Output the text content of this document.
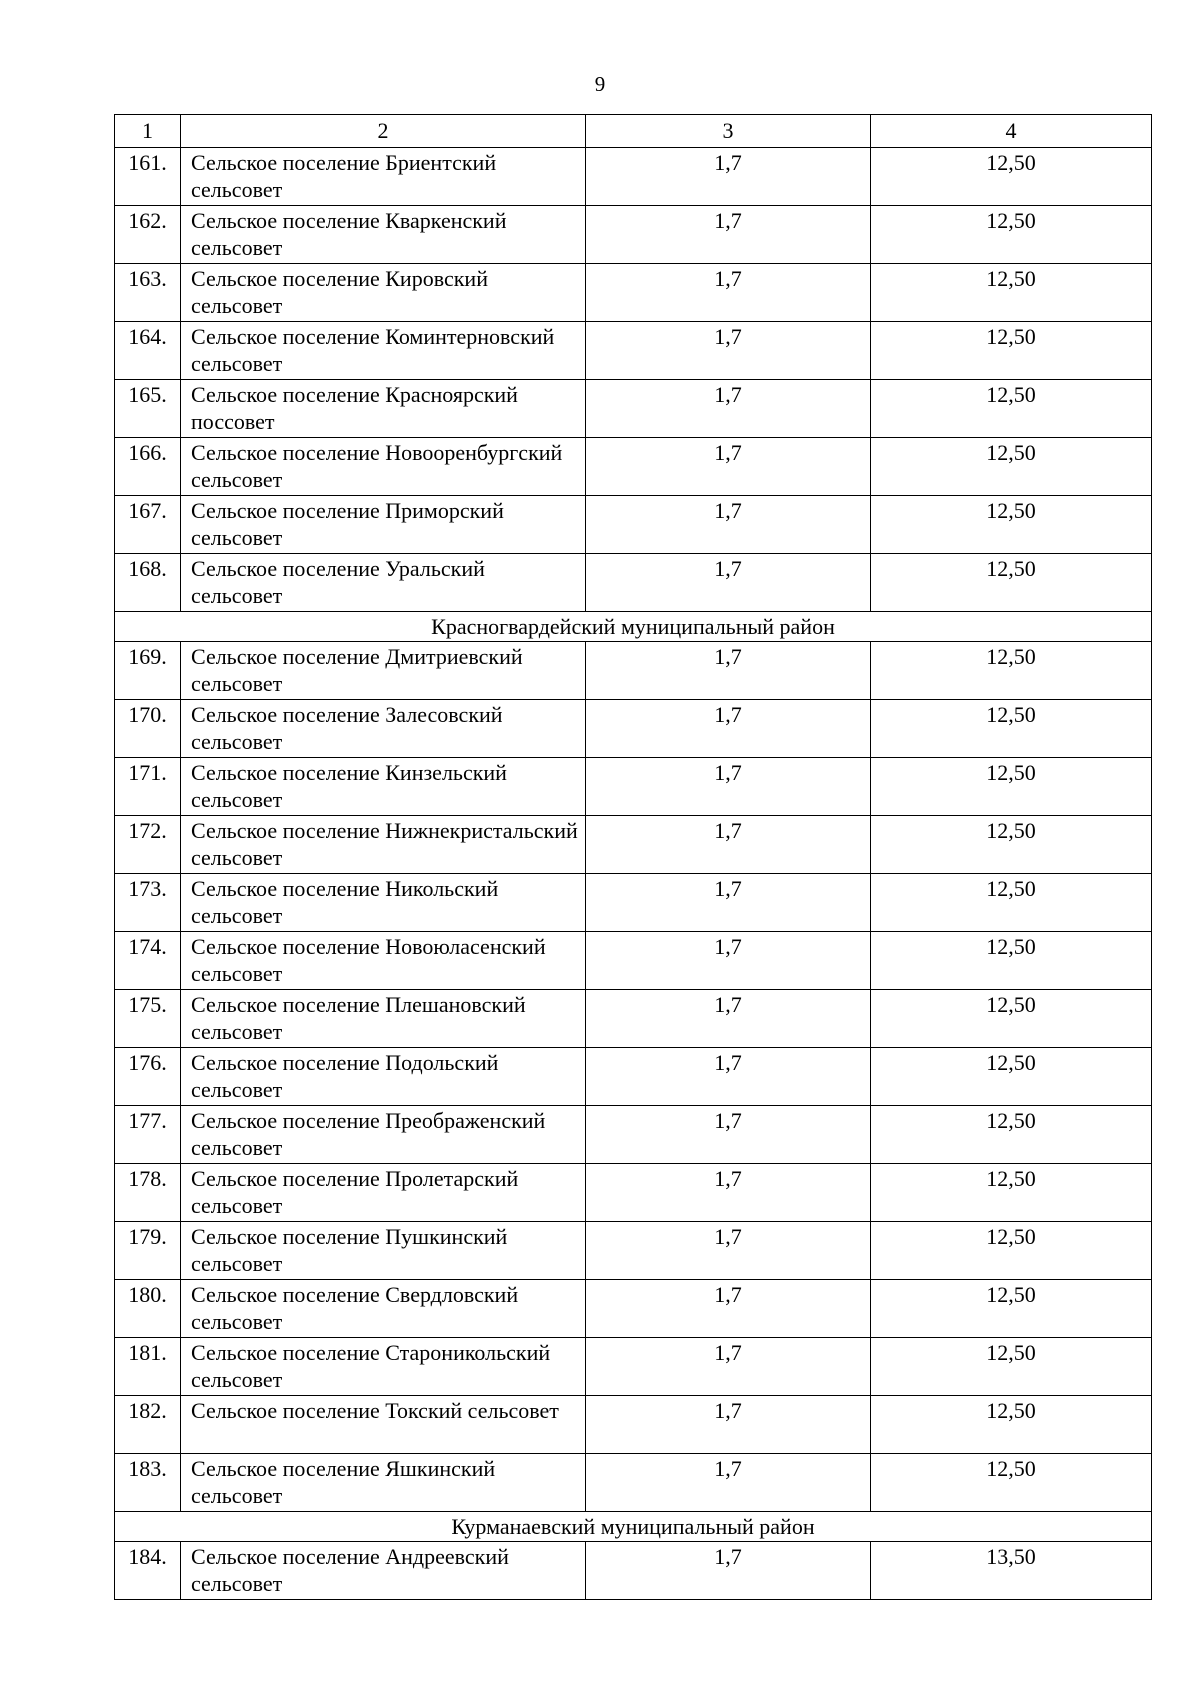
9
1	2	3	4
161.	Сельское поселение Бриентский сельсовет	1,7	12,50
162.	Сельское поселение Кваркенский сельсовет	1,7	12,50
163.	Сельское поселение Кировский сельсовет	1,7	12,50
164.	Сельское поселение Коминтерновский сельсовет	1,7	12,50
165.	Сельское поселение Красноярский поссовет	1,7	12,50
166.	Сельское поселение Новооренбургский сельсовет	1,7	12,50
167.	Сельское поселение Приморский сельсовет	1,7	12,50
168.	Сельское поселение Уральский сельсовет	1,7	12,50
Красногвардейский муниципальный район			
169.	Сельское поселение Дмитриевский сельсовет	1,7	12,50
170.	Сельское поселение Залесовский сельсовет	1,7	12,50
171.	Сельское поселение Кинзельский сельсовет	1,7	12,50
172.	Сельское поселение Нижнекристальский сельсовет	1,7	12,50
173.	Сельское поселение Никольский сельсовет	1,7	12,50
174.	Сельское поселение Новоюласенский сельсовет	1,7	12,50
175.	Сельское поселение Плешановский сельсовет	1,7	12,50
176.	Сельское поселение Подольский сельсовет	1,7	12,50
177.	Сельское поселение Преображенский сельсовет	1,7	12,50
178.	Сельское поселение Пролетарский сельсовет	1,7	12,50
179.	Сельское поселение Пушкинский сельсовет	1,7	12,50
180.	Сельское поселение Свердловский сельсовет	1,7	12,50
181.	Сельское поселение Староникольский сельсовет	1,7	12,50
182.	Сельское поселение Токский сельсовет	1,7	12,50
183.	Сельское поселение Яшкинский сельсовет	1,7	12,50
Курманаевский муниципальный район			
184.	Сельское поселение Андреевский сельсовет	1,7	13,50
